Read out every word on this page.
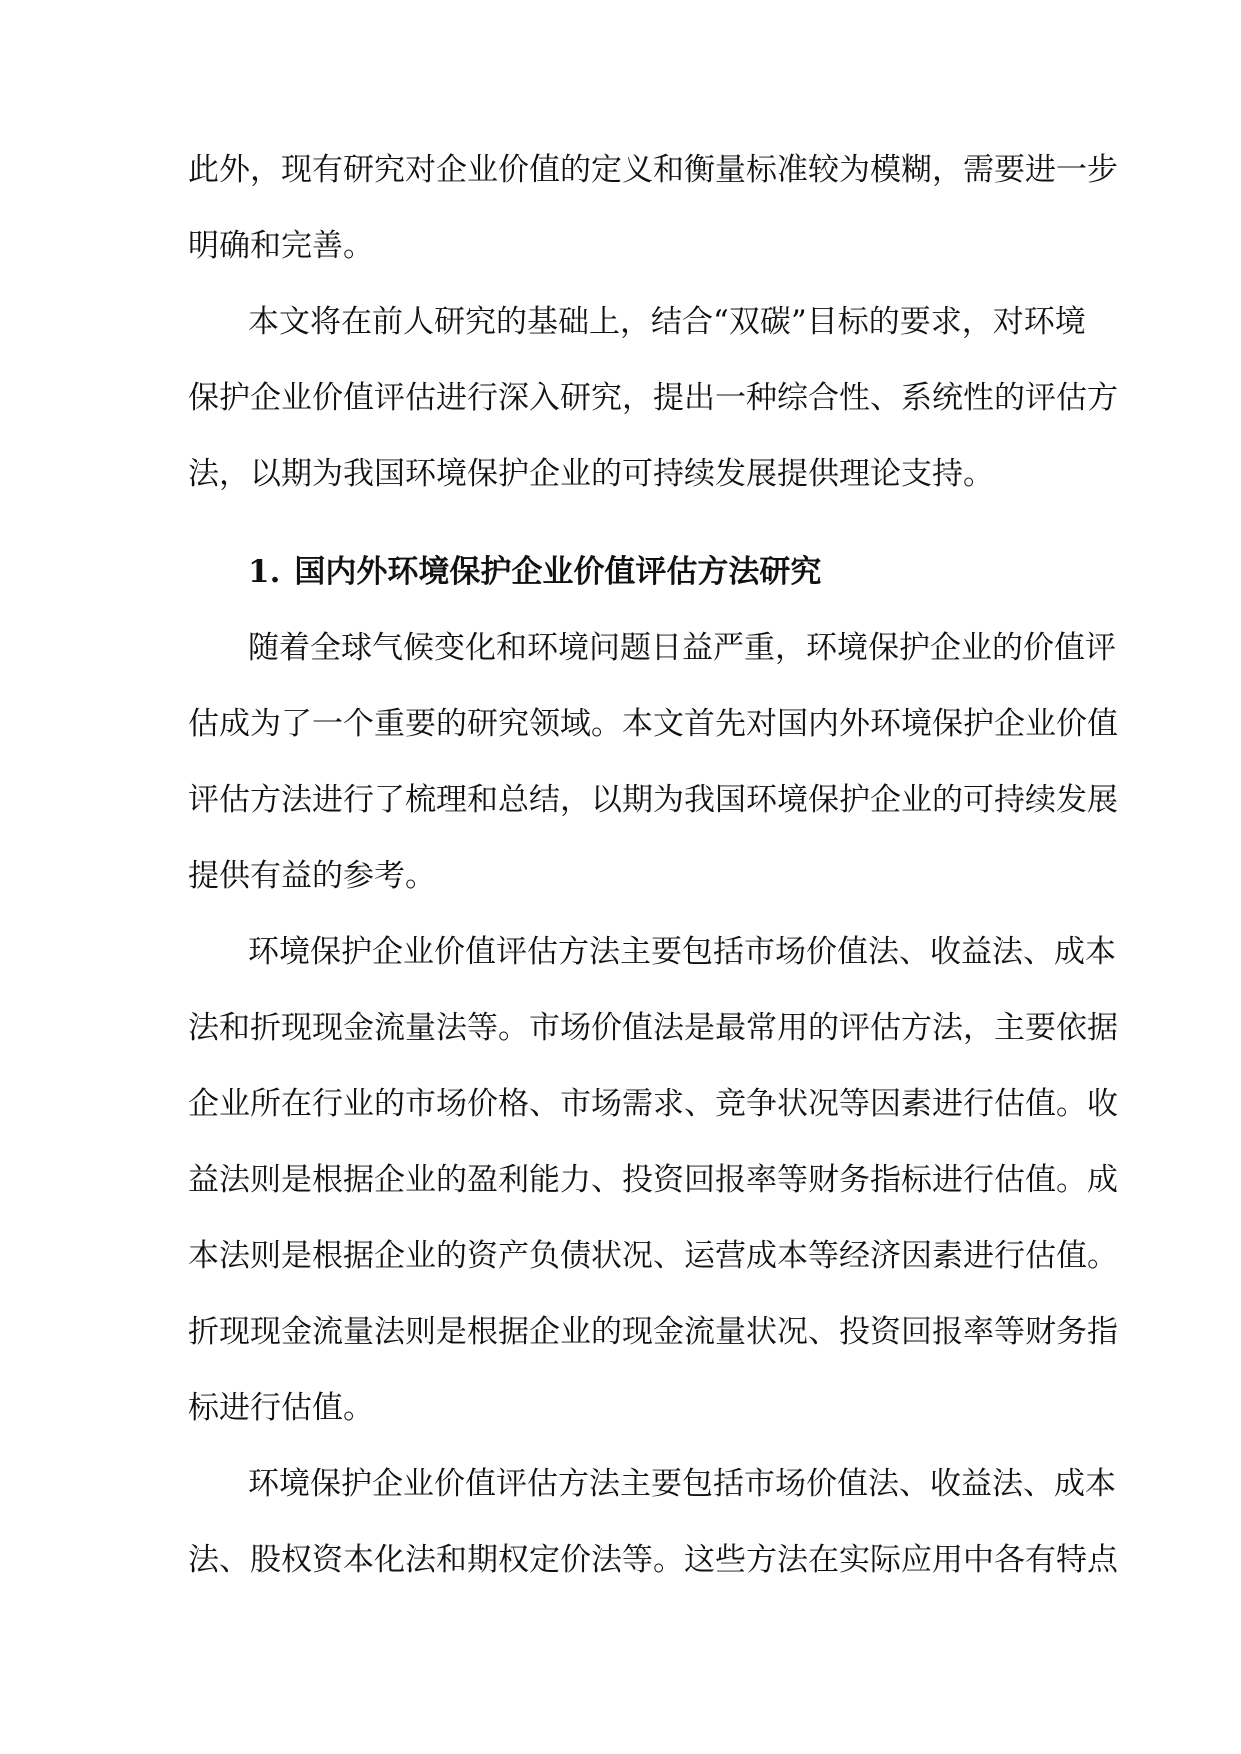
此外，现有研究对企业价值的定义和衡量标准较为模糊，需要进一步
明确和完善。
本文将在前人研究的基础上，结合“双碳”目标的要求，对环境
保护企业价值评估进行深入研究，提出一种综合性、系统性的评估方
法，以期为我国环境保护企业的可持续发展提供理论支持。
1. 国内外环境保护企业价值评估方法研究
随着全球气候变化和环境问题日益严重，环境保护企业的价值评
估成为了一个重要的研究领域。本文首先对国内外环境保护企业价值
评估方法进行了梳理和总结，以期为我国环境保护企业的可持续发展
提供有益的参考。
环境保护企业价值评估方法主要包括市场价值法、收益法、成本
法和折现现金流量法等。市场价值法是最常用的评估方法，主要依据
企业所在行业的市场价格、市场需求、竞争状况等因素进行估值。收
益法则是根据企业的盈利能力、投资回报率等财务指标进行估值。成
本法则是根据企业的资产负债状况、运营成本等经济因素进行估值。
折现现金流量法则是根据企业的现金流量状况、投资回报率等财务指
标进行估值。
环境保护企业价值评估方法主要包括市场价值法、收益法、成本
法、股权资本化法和期权定价法等。这些方法在实际应用中各有特点
